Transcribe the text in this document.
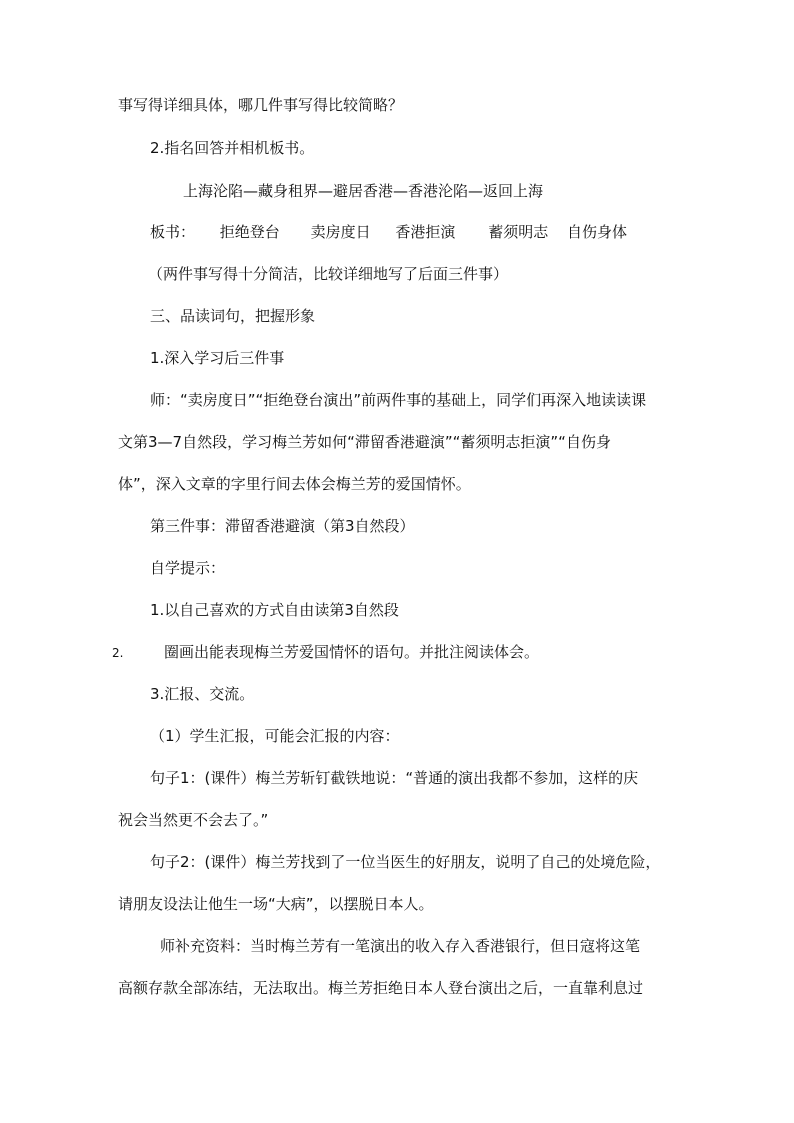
事写得详细具体，哪几件事写得比较简略？
2.指名回答并相机板书。
上海沦陷—藏身租界—避居香港—香港沦陷—返回上海
板书： 拒绝登台 卖房度日 香港拒演 蓄须明志 自伤身体
（两件事写得十分简洁，比较详细地写了后面三件事）
三、品读词句，把握形象
1.深入学习后三件事
师：“卖房度日”“拒绝登台演出”前两件事的基础上，同学们再深入地读读课
文第3—7自然段，学习梅兰芳如何“滞留香港避演”“蓄须明志拒演”“自伤身
体”，深入文章的字里行间去体会梅兰芳的爱国情怀。
第三件事：滞留香港避演（第3自然段）
自学提示：
1.以自己喜欢的方式自由读第3自然段
2.	圈画出能表现梅兰芳爱国情怀的语句。并批注阅读体会。
3.汇报、交流。
（1）学生汇报，可能会汇报的内容：
句子1：(课件）梅兰芳斩钉截铁地说：“普通的演出我都不参加，这样的庆
祝会当然更不会去了。”
句子2：(课件）梅兰芳找到了一位当医生的好朋友，说明了自己的处境危险，
请朋友设法让他生一场“大病”，以摆脱日本人。
师补充资料：当时梅兰芳有一笔演出的收入存入香港银行，但日寇将这笔
高额存款全部冻结，无法取出。梅兰芳拒绝日本人登台演出之后，一直靠利息过
